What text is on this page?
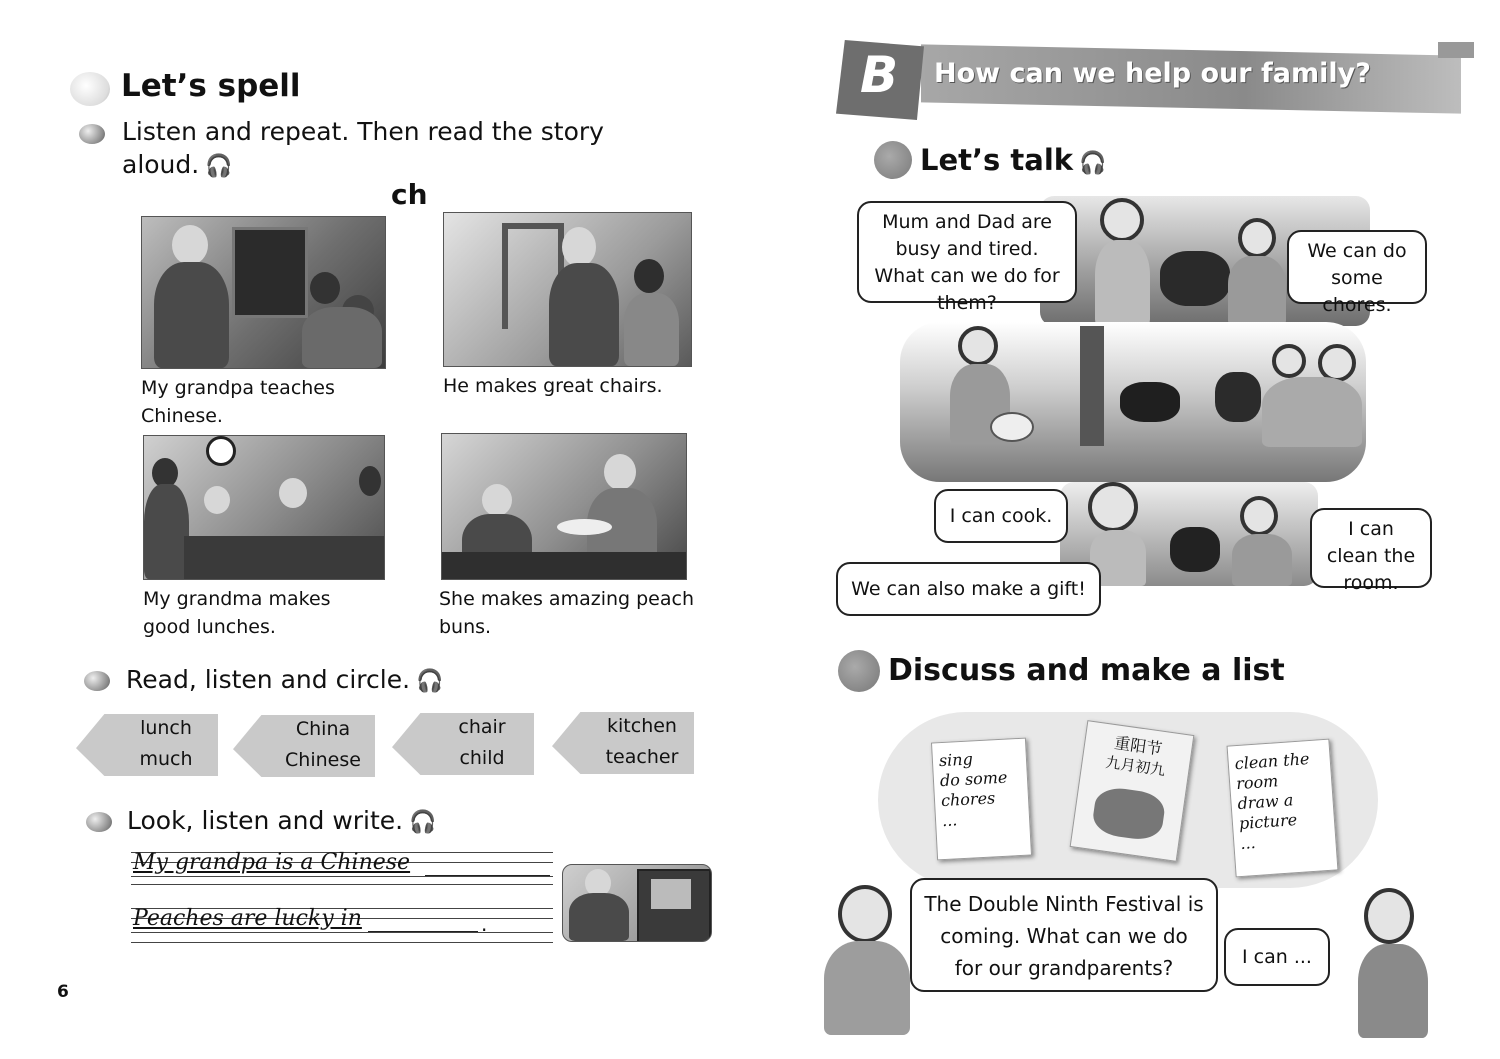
Let’s spell
Listen and repeat. Then read the story
aloud. 🎧
ch
My grandpa teaches
Chinese.
He makes great chairs.
My grandma makes
good lunches.
She makes amazing peach
buns.
Read, listen and circle. 🎧
lunch
much
China
Chinese
chair
child
kitchen
teacher
Look, listen and write. 🎧
My grandpa is a Chinese
Peaches are lucky in	.
6
B How can we help our family?
Let’s talk 🎧
Mum and Dad are busy and tired. What can we do for them?
We can do some chores.
I can cook.
I can clean the room.
We can also make a gift!
Discuss and make a list
sing
do some chores
...
重阳节
九月初九	clean the room
draw a picture
...
The Double Ninth Festival is coming. What can we do for our grandparents?	I can ...
